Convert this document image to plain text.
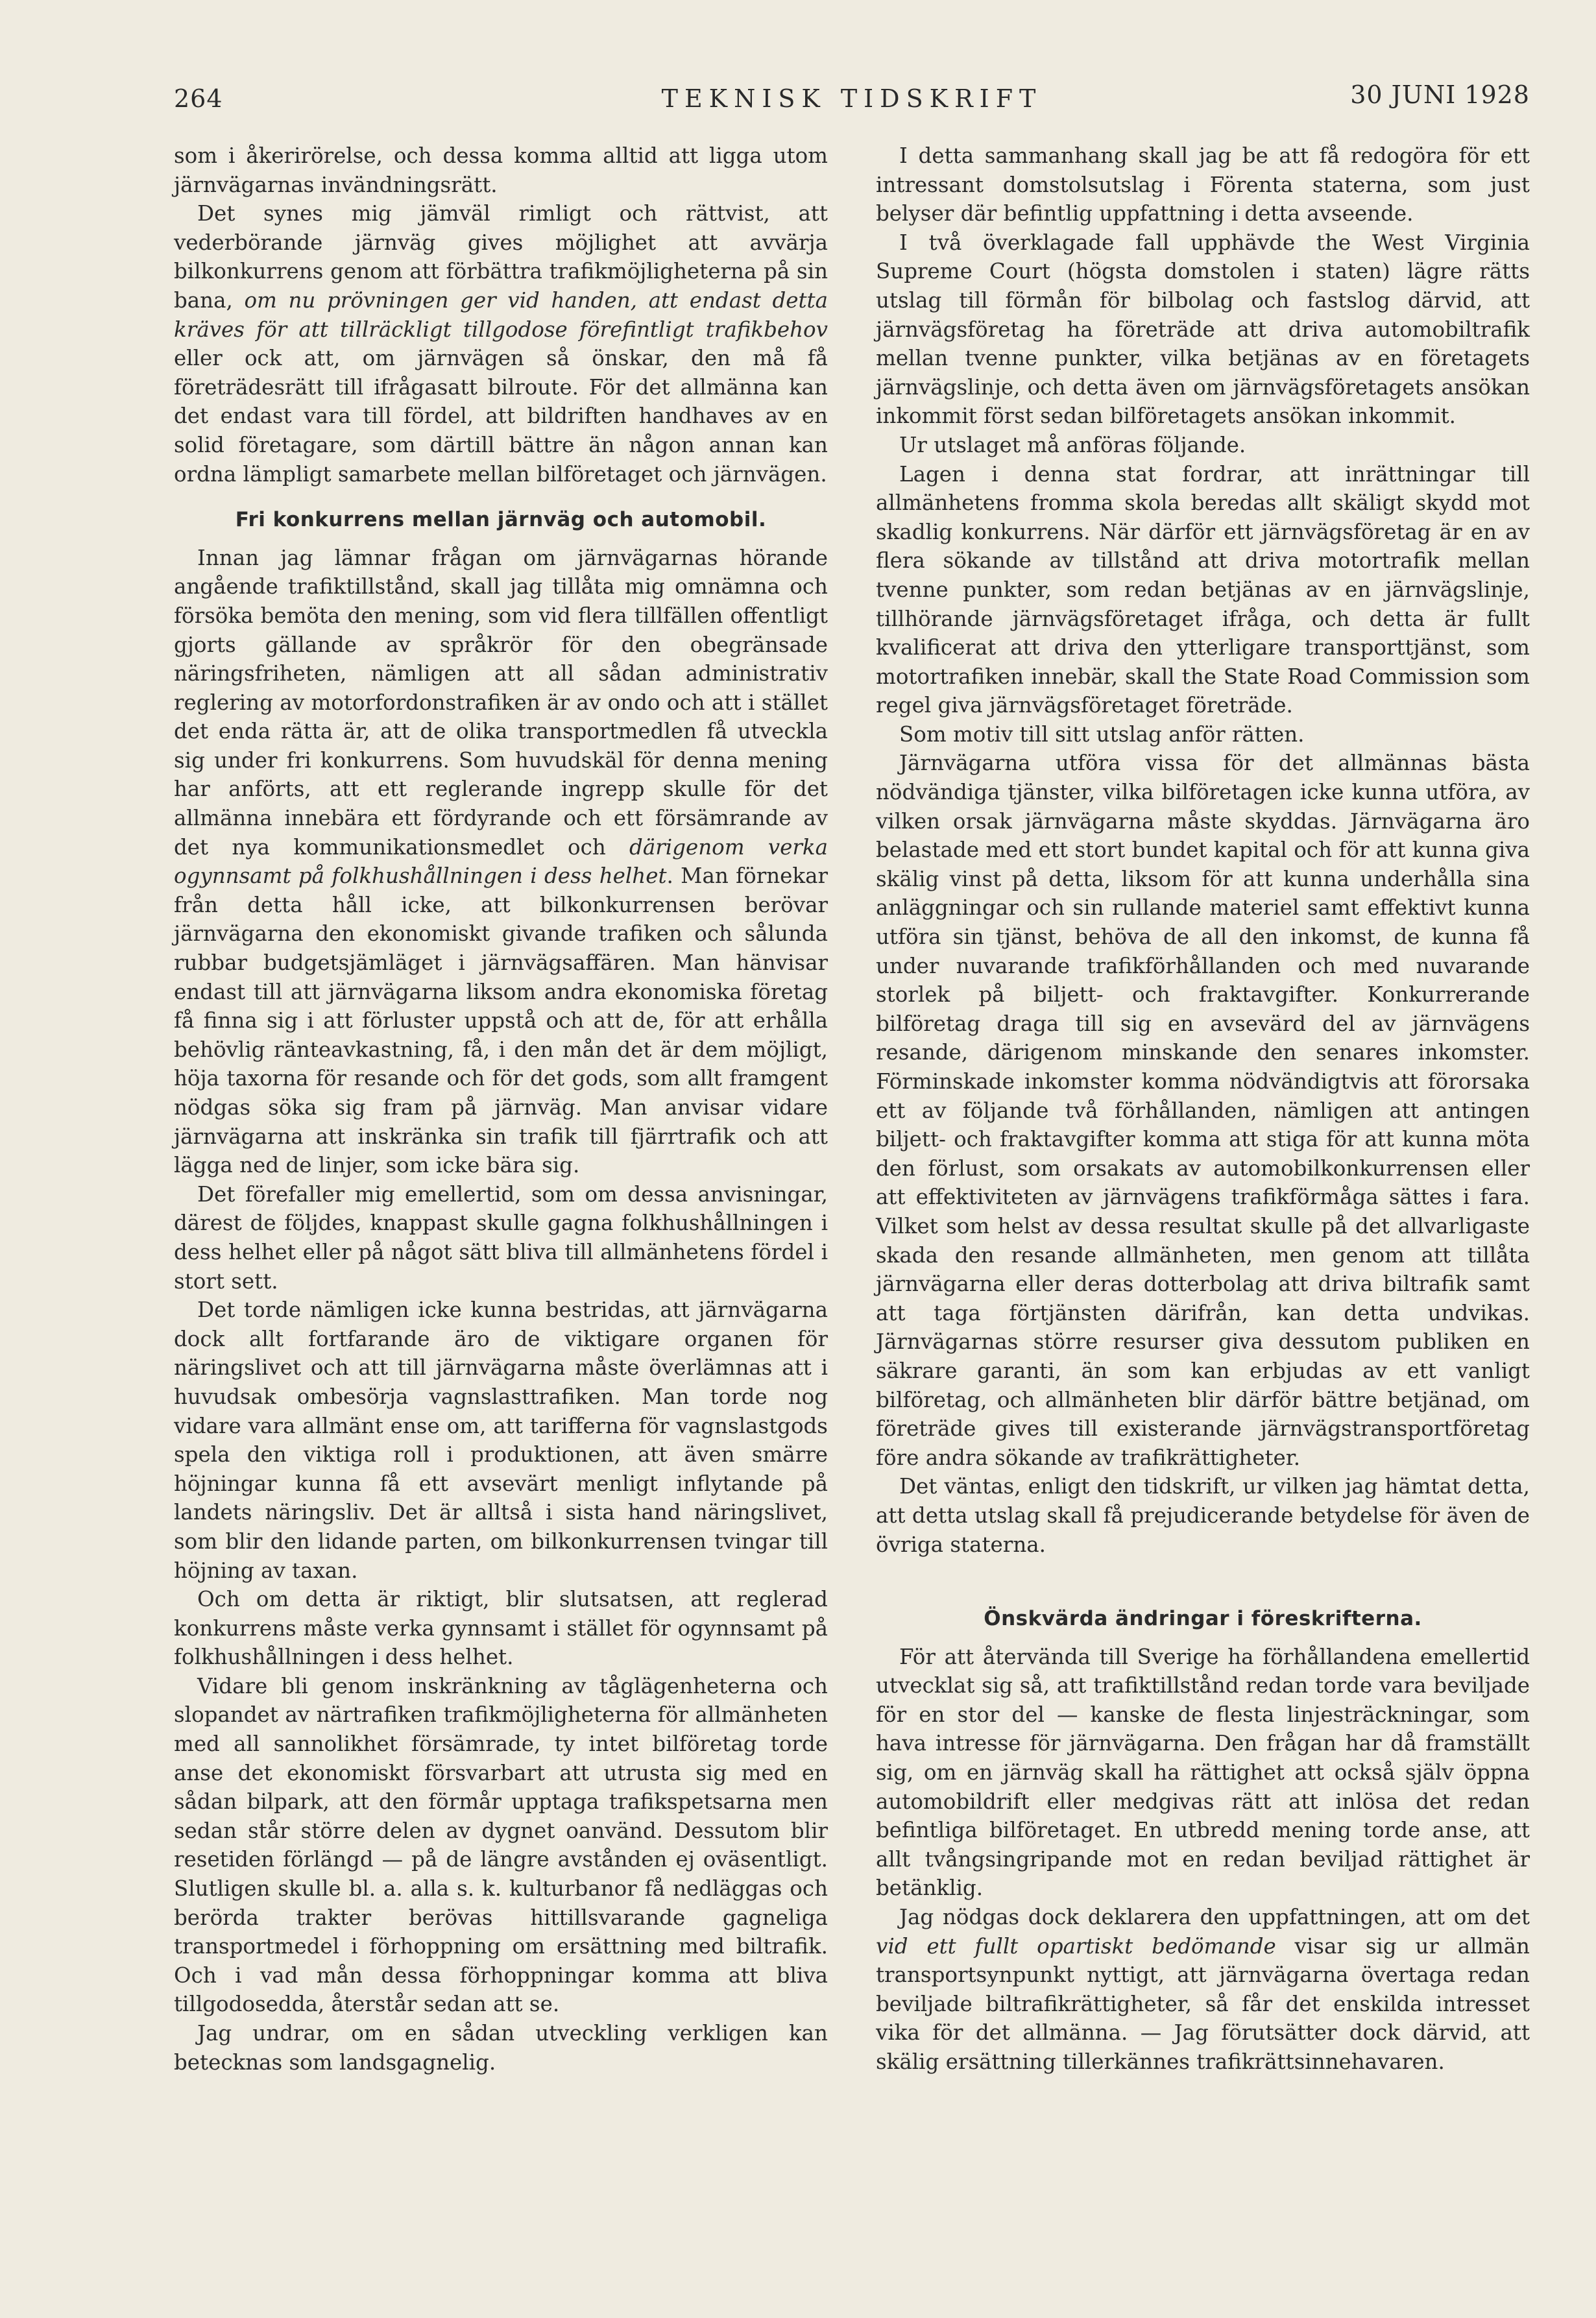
264	TEKNISK TIDSKRIFT	30 JUNI 1928

som i åkerirörelse, och dessa komma alltid att ligga utom järnvägarnas invändningsrätt.

Det synes mig jämväl rimligt och rättvist, att vederbörande järnväg gives möjlighet att avvärja bilkonkurrens genom att förbättra trafikmöjligheterna på sin bana, om nu prövningen ger vid handen, att endast detta kräves för att tillräckligt tillgodose förefintligt trafikbehov eller ock att, om järnvägen så önskar, den må få företrädesrätt till ifrågasatt bilroute. För det allmänna kan det endast vara till fördel, att bildriften handhaves av en solid företagare, som därtill bättre än någon annan kan ordna lämpligt samarbete mellan bilföretaget och järnvägen.

Fri konkurrens mellan järnväg och automobil.

Innan jag lämnar frågan om järnvägarnas hörande angående trafiktillstånd, skall jag tillåta mig omnämna och försöka bemöta den mening, som vid flera tillfällen offentligt gjorts gällande av språkrör för den obegränsade näringsfriheten, nämligen att all sådan administrativ reglering av motorfordonstrafiken är av ondo och att i stället det enda rätta är, att de olika transportmedlen få utveckla sig under fri konkurrens. Som huvudskäl för denna mening har anförts, att ett reglerande ingrepp skulle för det allmänna innebära ett fördyrande och ett försämrande av det nya kommunikationsmedlet och därigenom verka ogynnsamt på folkhushållningen i dess helhet. Man förnekar från detta håll icke, att bilkonkurrensen berövar järnvägarna den ekonomiskt givande trafiken och sålunda rubbar budgetsjämläget i järnvägsaffären. Man hänvisar endast till att järnvägarna liksom andra ekonomiska företag få finna sig i att förluster uppstå och att de, för att erhålla behövlig ränteavkastning, få, i den mån det är dem möjligt, höja taxorna för resande och för det gods, som allt framgent nödgas söka sig fram på järnväg. Man anvisar vidare järnvägarna att inskränka sin trafik till fjärrtrafik och att lägga ned de linjer, som icke bära sig.

Det förefaller mig emellertid, som om dessa anvisningar, därest de följdes, knappast skulle gagna folkhushållningen i dess helhet eller på något sätt bliva till allmänhetens fördel i stort sett.

Det torde nämligen icke kunna bestridas, att järnvägarna dock allt fortfarande äro de viktigare organen för näringslivet och att till järnvägarna måste överlämnas att i huvudsak ombesörja vagnslasttrafiken. Man torde nog vidare vara allmänt ense om, att tarifferna för vagnslastgods spela den viktiga roll i produktionen, att även smärre höjningar kunna få ett avsevärt menligt inflytande på landets näringsliv. Det är alltså i sista hand näringslivet, som blir den lidande parten, om bilkonkurrensen tvingar till höjning av taxan.

Och om detta är riktigt, blir slutsatsen, att reglerad konkurrens måste verka gynnsamt i stället för ogynnsamt på folkhushållningen i dess helhet.

Vidare bli genom inskränkning av tåglägenheterna och slopandet av närtrafiken trafikmöjligheterna för allmänheten med all sannolikhet försämrade, ty intet bilföretag torde anse det ekonomiskt försvarbart att utrusta sig med en sådan bilpark, att den förmår upptaga trafikspetsarna men sedan står större delen av dygnet oanvänd. Dessutom blir resetiden förlängd — på de längre avstånden ej oväsentligt. Slutligen skulle bl. a. alla s. k. kulturbanor få nedläggas och berörda trakter berövas hittillsvarande gagneliga transportmedel i förhoppning om ersättning med biltrafik. Och i vad mån dessa förhoppningar komma att bliva tillgodosedda, återstår sedan att se.

Jag undrar, om en sådan utveckling verkligen kan betecknas som landsgagnelig.

I detta sammanhang skall jag be att få redogöra för ett intressant domstolsutslag i Förenta staterna, som just belyser där befintlig uppfattning i detta avseende.

I två överklagade fall upphävde the West Virginia Supreme Court (högsta domstolen i staten) lägre rätts utslag till förmån för bilbolag och fastslog därvid, att järnvägsföretag ha företräde att driva automobiltrafik mellan tvenne punkter, vilka betjänas av en företagets järnvägslinje, och detta även om järnvägsföretagets ansökan inkommit först sedan bilföretagets ansökan inkommit.

Ur utslaget må anföras följande.

Lagen i denna stat fordrar, att inrättningar till allmänhetens fromma skola beredas allt skäligt skydd mot skadlig konkurrens. När därför ett järnvägsföretag är en av flera sökande av tillstånd att driva motortrafik mellan tvenne punkter, som redan betjänas av en järnvägslinje, tillhörande järnvägsföretaget ifråga, och detta är fullt kvalificerat att driva den ytterligare transporttjänst, som motortrafiken innebär, skall the State Road Commission som regel giva järnvägsföretaget företräde.

Som motiv till sitt utslag anför rätten.

Järnvägarna utföra vissa för det allmännas bästa nödvändiga tjänster, vilka bilföretagen icke kunna utföra, av vilken orsak järnvägarna måste skyddas. Järnvägarna äro belastade med ett stort bundet kapital och för att kunna giva skälig vinst på detta, liksom för att kunna underhålla sina anläggningar och sin rullande materiel samt effektivt kunna utföra sin tjänst, behöva de all den inkomst, de kunna få under nuvarande trafikförhållanden och med nuvarande storlek på biljett- och fraktavgifter. Konkurrerande bilföretag draga till sig en avsevärd del av järnvägens resande, därigenom minskande den senares inkomster. Förminskade inkomster komma nödvändigtvis att förorsaka ett av följande två förhållanden, nämligen att antingen biljett- och fraktavgifter komma att stiga för att kunna möta den förlust, som orsakats av automobilkonkurrensen eller att effektiviteten av järnvägens trafikförmåga sättes i fara. Vilket som helst av dessa resultat skulle på det allvarligaste skada den resande allmänheten, men genom att tillåta järnvägarna eller deras dotterbolag att driva biltrafik samt att taga förtjänsten därifrån, kan detta undvikas. Järnvägarnas större resurser giva dessutom publiken en säkrare garanti, än som kan erbjudas av ett vanligt bilföretag, och allmänheten blir därför bättre betjänad, om företräde gives till existerande järnvägstransportföretag före andra sökande av trafikrättigheter.

Det väntas, enligt den tidskrift, ur vilken jag hämtat detta, att detta utslag skall få prejudicerande betydelse för även de övriga staterna.

Önskvärda ändringar i föreskrifterna.

För att återvända till Sverige ha förhållandena emellertid utvecklat sig så, att trafiktillstånd redan torde vara beviljade för en stor del — kanske de flesta linjesträckningar, som hava intresse för järnvägarna. Den frågan har då framställt sig, om en järnväg skall ha rättighet att också själv öppna automobildrift eller medgivas rätt att inlösa det redan befintliga bilföretaget. En utbredd mening torde anse, att allt tvångsingripande mot en redan beviljad rättighet är betänklig.

Jag nödgas dock deklarera den uppfattningen, att om det vid ett fullt opartiskt bedömande visar sig ur allmän transportsynpunkt nyttigt, att järnvägarna övertaga redan beviljade biltrafikrättigheter, så får det enskilda intresset vika för det allmänna. — Jag förutsätter dock därvid, att skälig ersättning tillerkännes trafikrättsinnehavaren.
